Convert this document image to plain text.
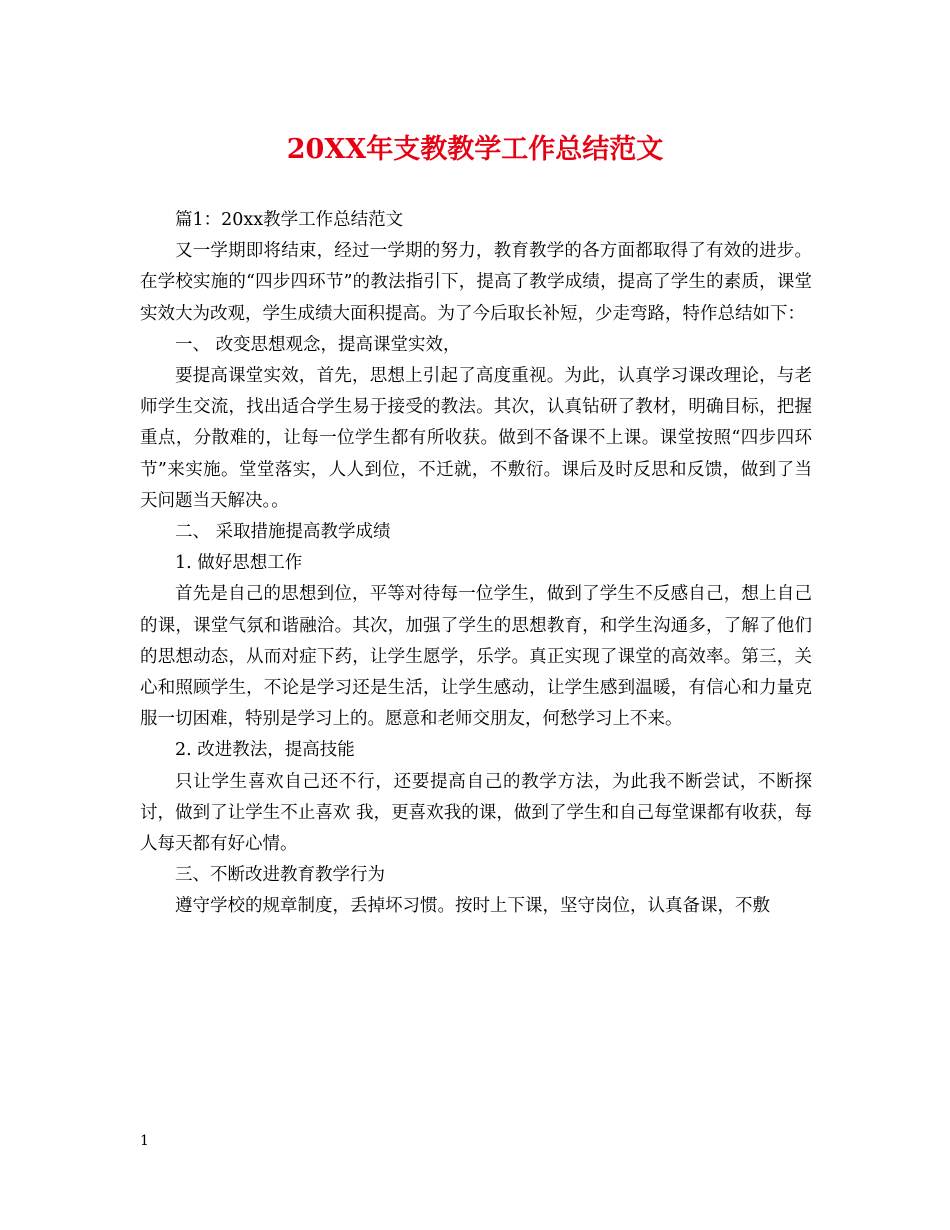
20XX年支教教学工作总结范文

篇1：20xx教学工作总结范文

又一学期即将结束，经过一学期的努力，教育教学的各方面都取得了有效的进步。在学校实施的“四步四环节”的教法指引下，提高了教学成绩，提高了学生的素质，课堂实效大为改观，学生成绩大面积提高。为了今后取长补短，少走弯路，特作总结如下：

一、 改变思想观念，提高课堂实效，

要提高课堂实效，首先，思想上引起了高度重视。为此，认真学习课改理论，与老师学生交流，找出适合学生易于接受的教法。其次，认真钻研了教材，明确目标，把握重点，分散难的，让每一位学生都有所收获。做到不备课不上课。课堂按照“四步四环节”来实施。堂堂落实，人人到位，不迁就，不敷衍。课后及时反思和反馈，做到了当天问题当天解决。。

二、 采取措施提高教学成绩

1. 做好思想工作

首先是自己的思想到位，平等对待每一位学生，做到了学生不反感自己，想上自己的课，课堂气氛和谐融洽。其次，加强了学生的思想教育，和学生沟通多，了解了他们的思想动态，从而对症下药，让学生愿学，乐学。真正实现了课堂的高效率。第三，关心和照顾学生，不论是学习还是生活，让学生感动，让学生感到温暖，有信心和力量克服一切困难，特别是学习上的。愿意和老师交朋友，何愁学习上不来。

2. 改进教法，提高技能

只让学生喜欢自己还不行，还要提高自己的教学方法，为此我不断尝试，不断探讨，做到了让学生不止喜欢 我，更喜欢我的课，做到了学生和自己每堂课都有收获，每人每天都有好心情。

三、不断改进教育教学行为

遵守学校的规章制度，丢掉坏习惯。按时上下课，坚守岗位，认真备课，不敷

1
